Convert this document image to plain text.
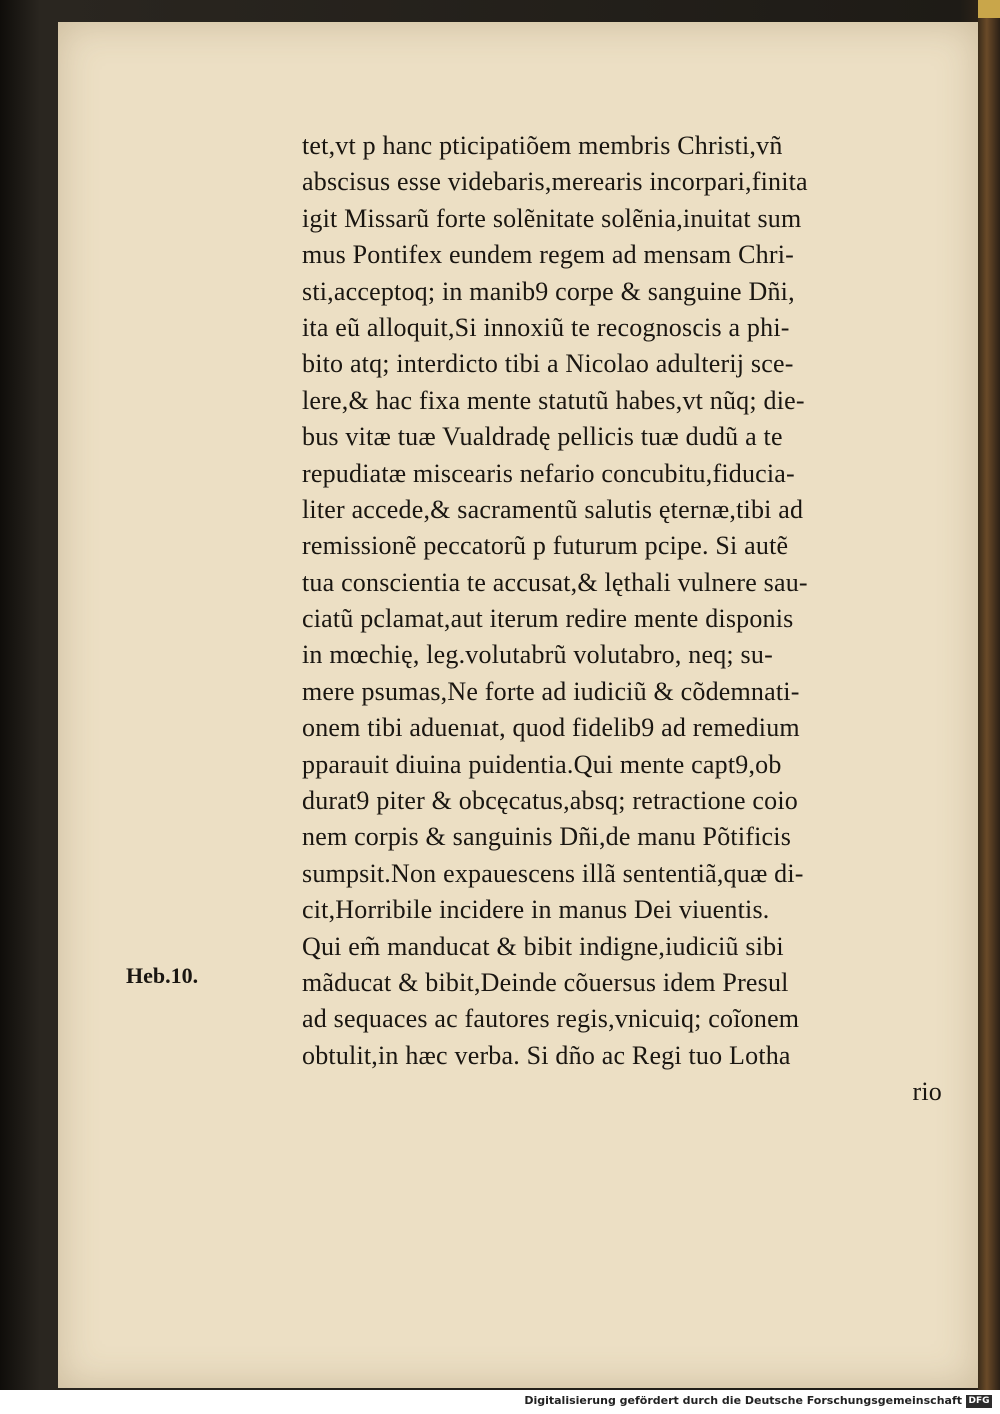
Heb.10.
tet,vt p hanc pticipatiõem membris Christi,vñ
abscisus esse videbaris,merearis incorpari,finita
igit Missarũ forte solẽnitate solẽnia,inuitat sum
mus Pontifex eundem regem ad mensam Chri-
sti,acceptoq; in manib9 corpe & sanguine Dñi,
ita eũ alloquit,Si innoxiũ te recognoscis a phi-
bito atq; interdicto tibi a Nicolao adulterij sce-
lere,& hac fixa mente statutũ habes,vt nũq; die-
bus vitæ tuæ Vualdradę pellicis tuæ dudũ a te
repudiatæ miscearis nefario concubitu,fiducia-
liter accede,& sacramentũ salutis ęternæ,tibi ad
remissionẽ peccatorũ p futurum pcipe. Si autẽ
tua conscientia te accusat,& lęthali vulnere sau-
ciatũ pclamat,aut iterum redire mente disponis
in mœchię, leg.volutabrũ volutabro, neq; su-
mere psumas,Ne forte ad iudiciũ & cõdemnati-
onem tibi aduenıat, quod fidelib9 ad remedium
pparauit diuina puidentia.Qui mente capt9,ob
durat9 piter & obcęcatus,absq; retractione coio
nem corpis & sanguinis Dñi,de manu Põtificis
sumpsit.Non expauescens illã sententiã,quæ di-
cit,Horribile incidere in manus Dei viuentis.
Qui em̃ manducat & bibit indigne,iudiciũ sibi
mãducat & bibit,Deinde cõuersus idem Presul
ad sequaces ac fautores regis,vnicuiq; coĩonem
obtulit,in hæc verba. Si dño ac Regi tuo Lotha
rio
Digitalisierung gefördert durch die Deutsche Forschungsgemeinschaft DFG
